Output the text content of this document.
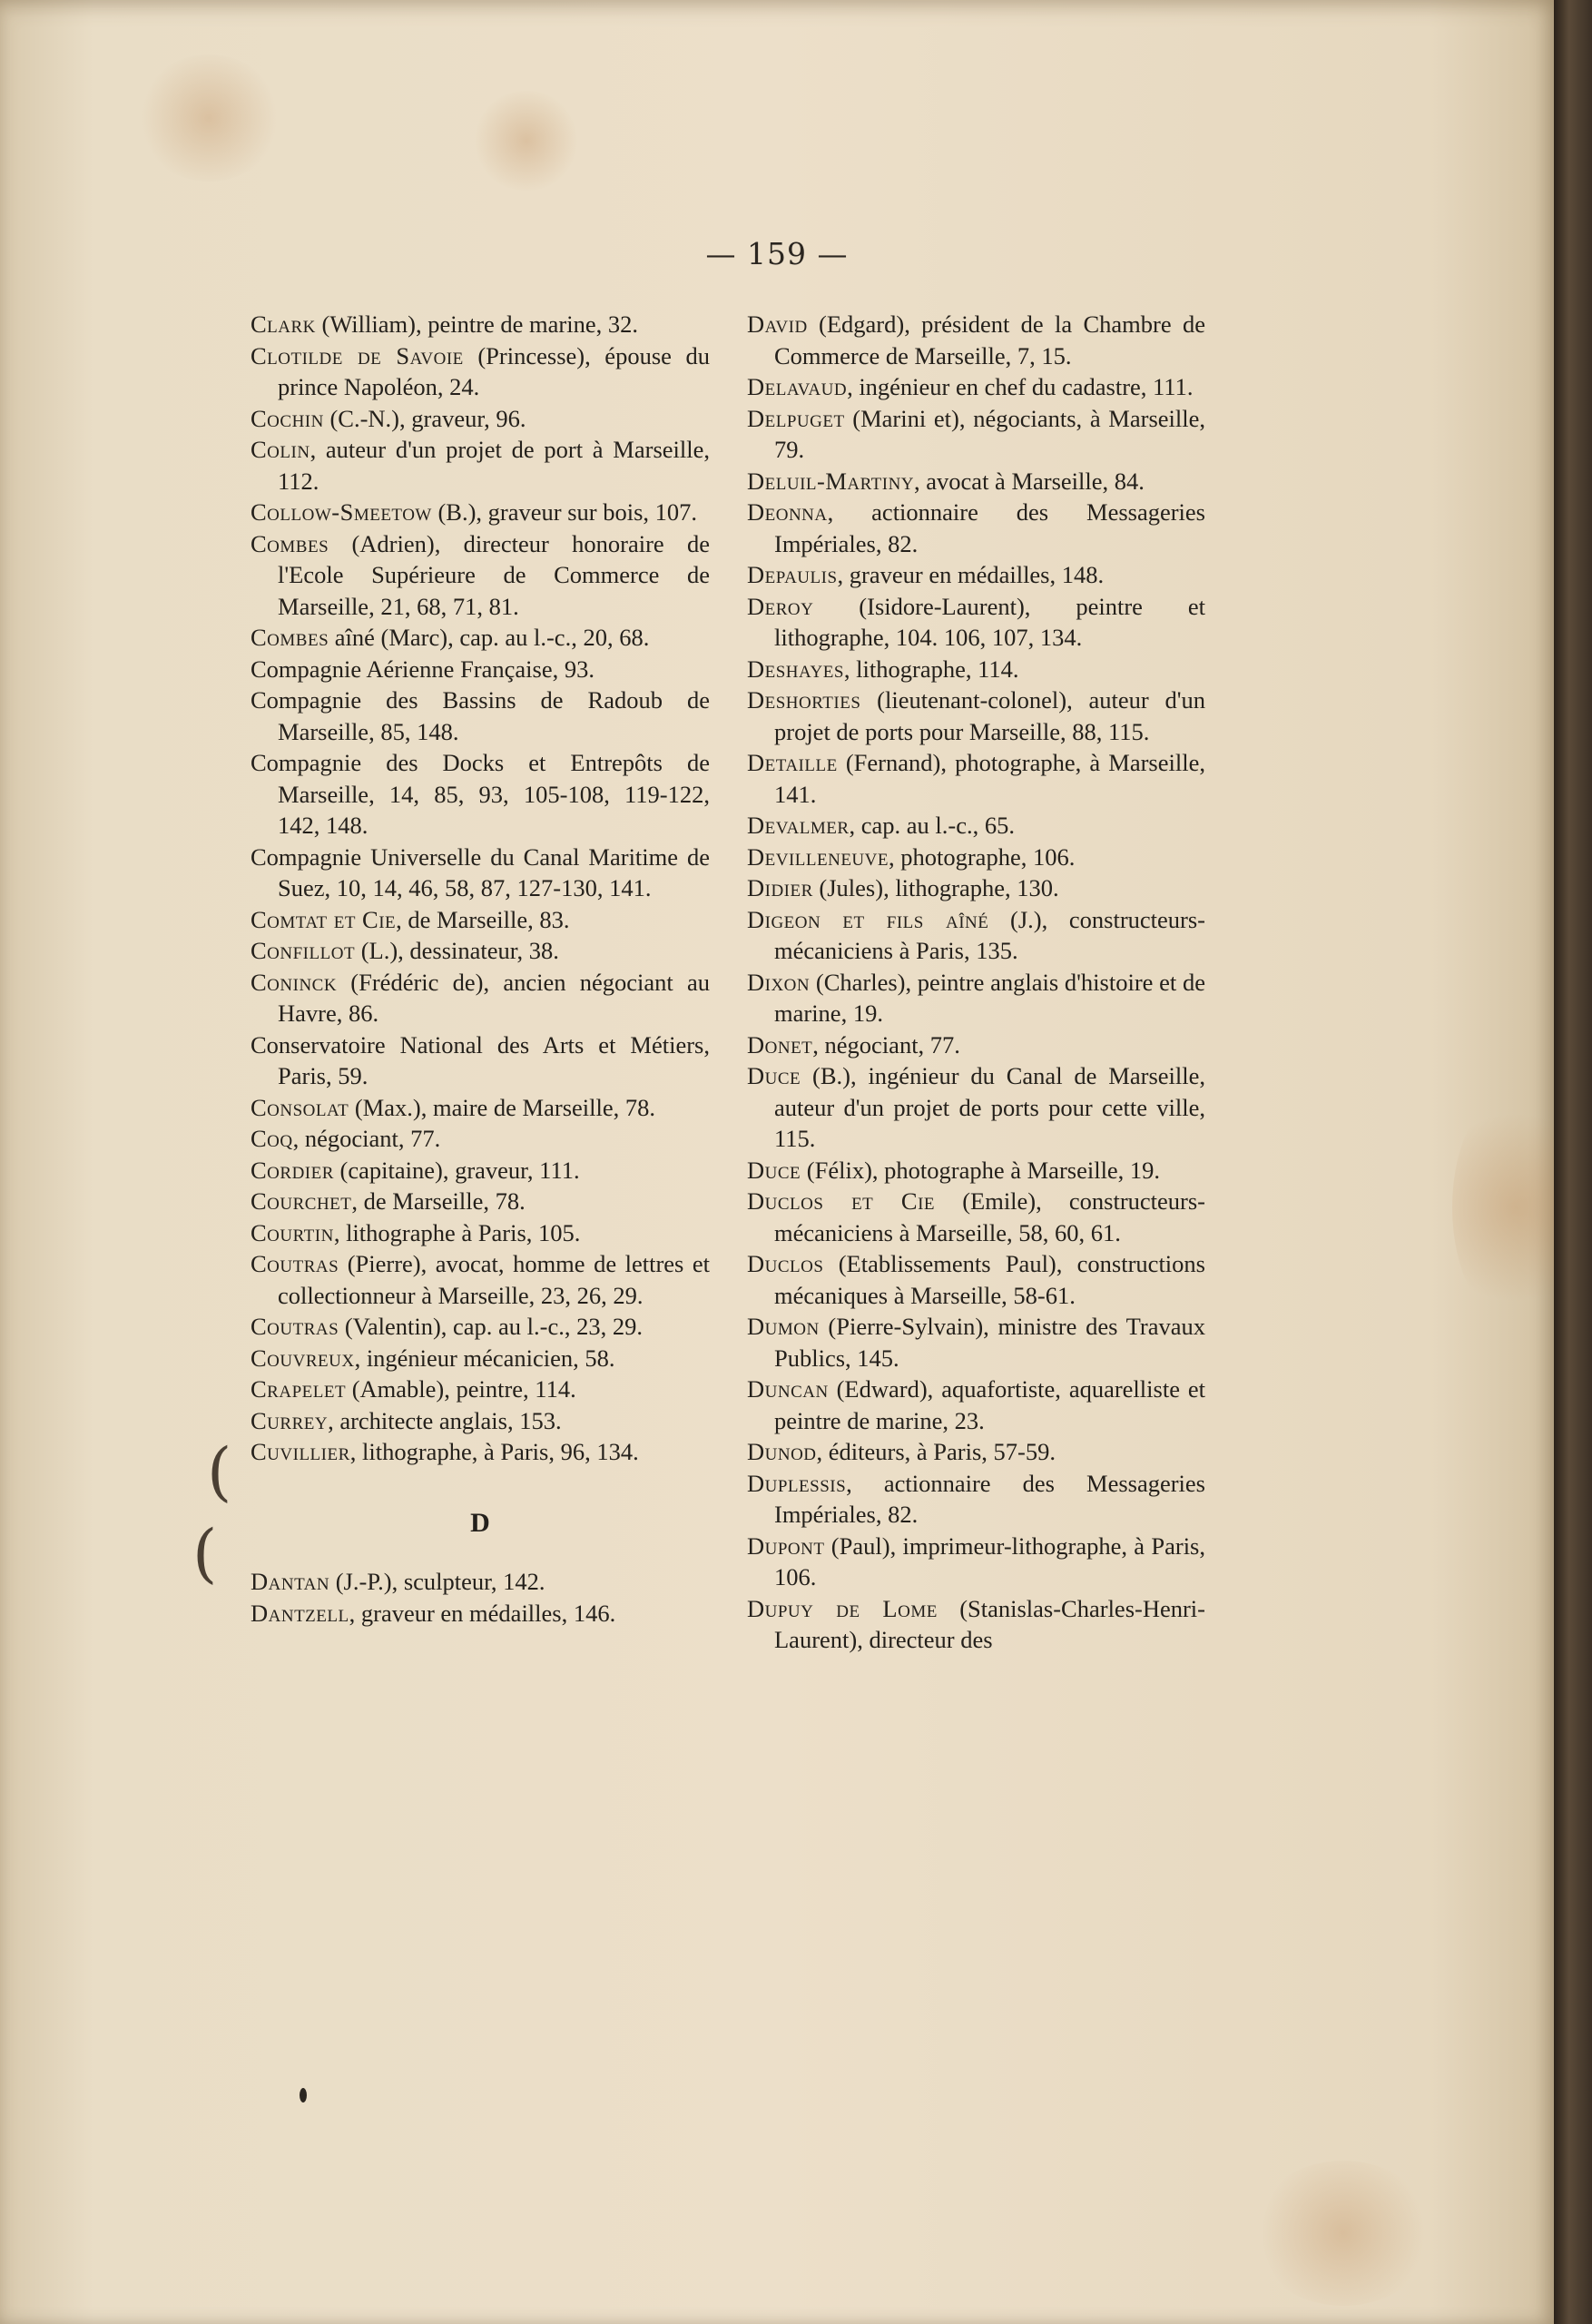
— 159 —

Clark (William), peintre de marine, 32.

Clotilde de Savoie (Princesse), épouse du prince Napoléon, 24.

Cochin (C.-N.), graveur, 96.

Colin, auteur d'un projet de port à Marseille, 112.

Collow-Smeetow (B.), graveur sur bois, 107.

Combes (Adrien), directeur honoraire de l'Ecole Supérieure de Commerce de Marseille, 21, 68, 71, 81.

Combes aîné (Marc), cap. au l.-c., 20, 68.

Compagnie Aérienne Française, 93.

Compagnie des Bassins de Radoub de Marseille, 85, 148.

Compagnie des Docks et Entrepôts de Marseille, 14, 85, 93, 105-108, 119-122, 142, 148.

Compagnie Universelle du Canal Maritime de Suez, 10, 14, 46, 58, 87, 127-130, 141.

Comtat et Cie, de Marseille, 83.

Confillot (L.), dessinateur, 38.

Coninck (Frédéric de), ancien négociant au Havre, 86.

Conservatoire National des Arts et Métiers, Paris, 59.

Consolat (Max.), maire de Marseille, 78.

Coq, négociant, 77.

Cordier (capitaine), graveur, 111.

Courchet, de Marseille, 78.

Courtin, lithographe à Paris, 105.

Coutras (Pierre), avocat, homme de lettres et collectionneur à Marseille, 23, 26, 29.

Coutras (Valentin), cap. au l.-c., 23, 29.

Couvreux, ingénieur mécanicien, 58.

Crapelet (Amable), peintre, 114.

Currey, architecte anglais, 153.

Cuvillier, lithographe, à Paris, 96, 134.

D

Dantan (J.-P.), sculpteur, 142.

Dantzell, graveur en médailles, 146.

David (Edgard), président de la Chambre de Commerce de Marseille, 7, 15.

Delavaud, ingénieur en chef du cadastre, 111.

Delpuget (Marini et), négociants, à Marseille, 79.

Deluil-Martiny, avocat à Marseille, 84.

Deonna, actionnaire des Messageries Impériales, 82.

Depaulis, graveur en médailles, 148.

Deroy (Isidore-Laurent), peintre et lithographe, 104. 106, 107, 134.

Deshayes, lithographe, 114.

Deshorties (lieutenant-colonel), auteur d'un projet de ports pour Marseille, 88, 115.

Detaille (Fernand), photographe, à Marseille, 141.

Devalmer, cap. au l.-c., 65.

Devilleneuve, photographe, 106.

Didier (Jules), lithographe, 130.

Digeon et fils aîné (J.), constructeurs-mécaniciens à Paris, 135.

Dixon (Charles), peintre anglais d'histoire et de marine, 19.

Donet, négociant, 77.

Duce (B.), ingénieur du Canal de Marseille, auteur d'un projet de ports pour cette ville, 115.

Duce (Félix), photographe à Marseille, 19.

Duclos et Cie (Emile), constructeurs-mécaniciens à Marseille, 58, 60, 61.

Duclos (Etablissements Paul), constructions mécaniques à Marseille, 58-61.

Dumon (Pierre-Sylvain), ministre des Travaux Publics, 145.

Duncan (Edward), aquafortiste, aquarelliste et peintre de marine, 23.

Dunod, éditeurs, à Paris, 57-59.

Duplessis, actionnaire des Messageries Impériales, 82.

Dupont (Paul), imprimeur-lithographe, à Paris, 106.

Dupuy de Lome (Stanislas-Charles-Henri-Laurent), directeur des

(
(
